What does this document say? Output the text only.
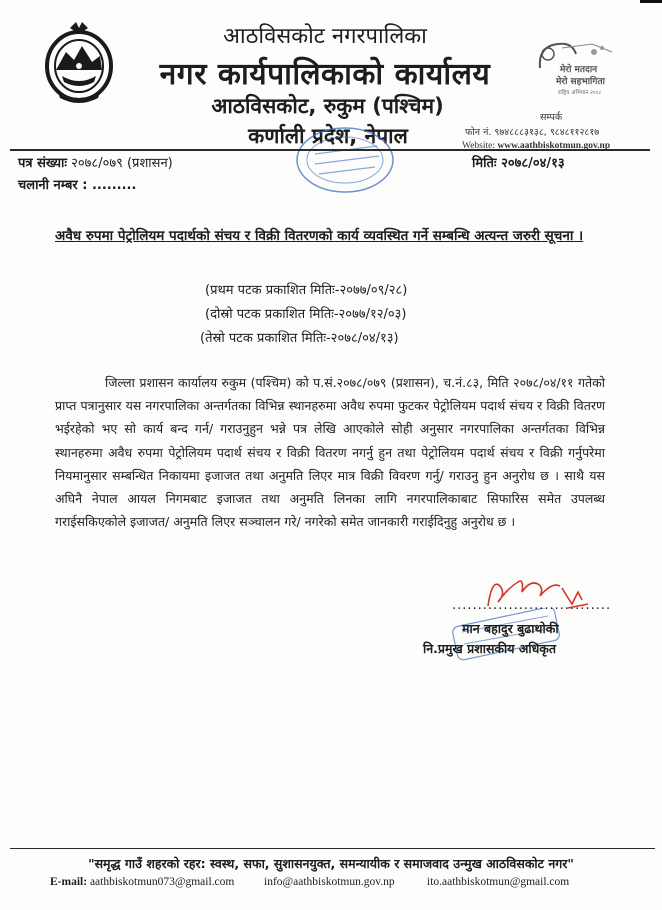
आठविसकोट नगरपालिका
नगर कार्यपालिकाको कार्यालय
आठविसकोट, रुकुम (पश्चिम)
कर्णाली प्रदेश, नेपाल
मेरो मतदान
मेरो सहभागिता
राष्ट्रिय अभियान २०८८
सम्पर्क
फोन नं. ९७४८८८३१३८, ९८४८११२८१७
Website: www.aathbiskotmun.gov.np
पत्र संख्याः २०७८/०७९ (प्रशासन)	मितिः २०७८/०४/१३
चलानी नम्बर : .........
अवैध रुपमा पेट्रोलियम पदार्थको संचय र विक्री वितरणको कार्य व्यवस्थित गर्ने सम्बन्धि अत्यन्त जरुरी सूचना ।
(प्रथम पटक प्रकाशित मितिः-२०७७/०९/२८)
(दोस्रो पटक प्रकाशित मितिः-२०७७/१२/०३)
(तेस्रो पटक प्रकाशित मितिः-२०७८/०४/१३)

जिल्ला प्रशासन कार्यालय रुकुम (पश्चिम) को प.सं.२०७८/०७९ (प्रशासन), च.नं.८३, मिति २०७८/०४/११ गतेको प्राप्त पत्रानुसार यस नगरपालिका अन्तर्गतका विभिन्न स्थानहरुमा अवैध रुपमा फुटकर पेट्रोलियम पदार्थ संचय र विक्री वितरण भईरहेको भए सो कार्य बन्द गर्न/ गराउनुहुन भन्ने पत्र लेखि आएकोले सोही अनुसार नगरपालिका अन्तर्गतका विभिन्न स्थानहरुमा अवैध रुपमा पेट्रोलियम पदार्थ संचय र विक्री वितरण नगर्नु हुन तथा पेट्रोलियम पदार्थ संचय र विक्री गर्नुपरेमा नियमानुसार सम्बन्धित निकायमा इजाजत तथा अनुमति लिएर मात्र विक्री विवरण गर्नु/ गराउनु हुन अनुरोध छ । साथै यस अघिनै नेपाल आयल निगमबाट इजाजत तथा अनुमति लिनका लागि नगरपालिकाबाट सिफारिस समेत उपलब्ध गराईसकिएकोले इजाजत/ अनुमति लिएर सञ्चालन गरे/ नगरेको समेत जानकारी गराईदिनुहु अनुरोध छ ।

...............................
मान बहादुर बुढाथोकी
नि.प्रमुख प्रशासकीय अधिकृत
"समृद्ध गाउँ शहरको रहर: स्वस्थ, सफा, सुशासनयुक्त, समन्यायीक र समाजवाद उन्मुख आठविसकोट नगर"
E-mail: aathbiskotmun073@gmail.com	info@aathbiskotmun.gov.np	ito.aathbiskotmun@gmail.com
